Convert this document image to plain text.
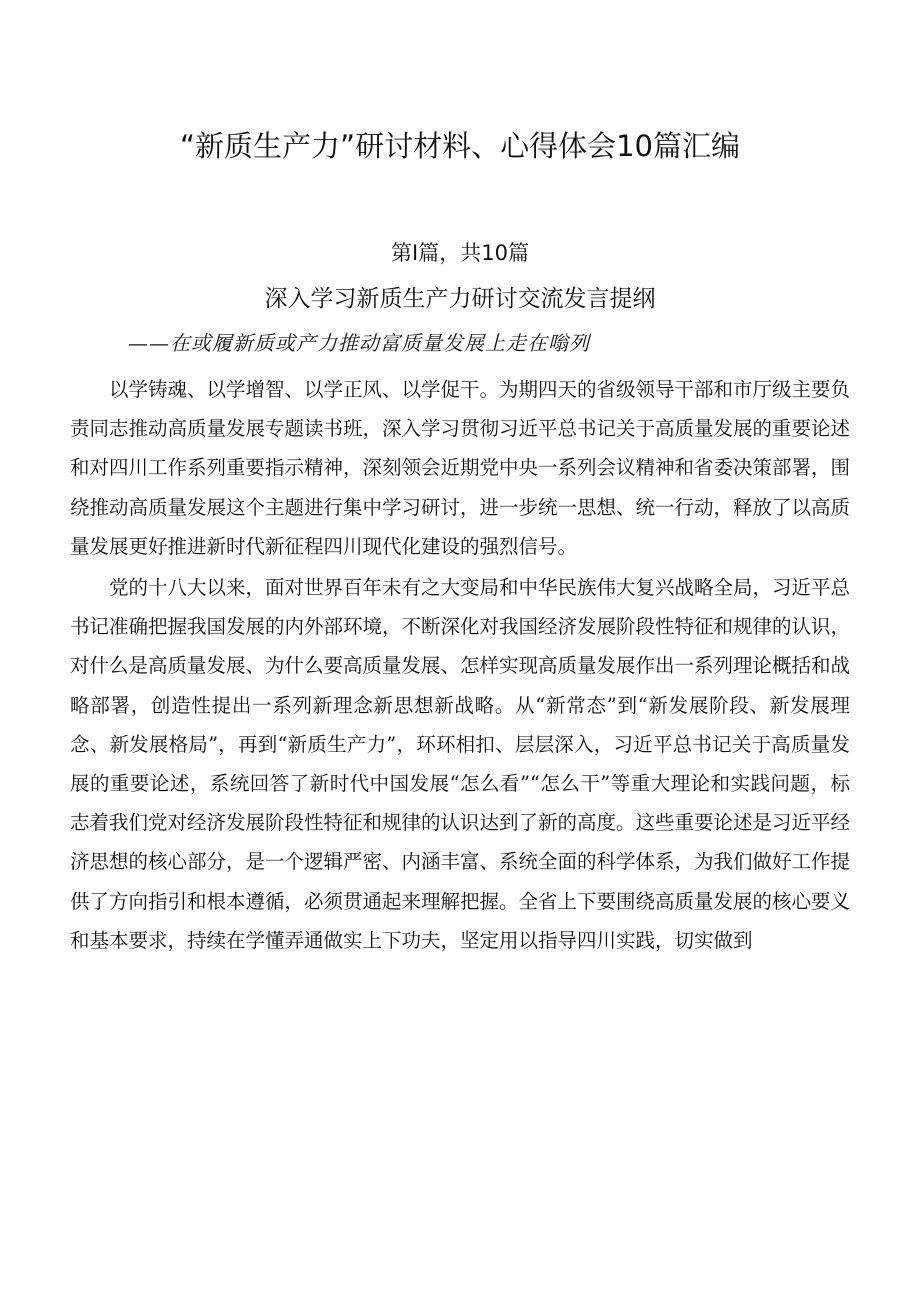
“新质生产力”研讨材料、心得体会10篇汇编
第I篇，共10篇
深入学习新质生产力研讨交流发言提纲
——在或履新质或产力推动富质量发展上走在嗡列

以学铸魂、以学增智、以学正风、以学促干。为期四天的省级领导干部和市厅级主要负责同志推动高质量发展专题读书班，深入学习贯彻习近平总书记关于高质量发展的重要论述和对四川工作系列重要指示精神，深刻领会近期党中央一系列会议精神和省委决策部署，围绕推动高质量发展这个主题进行集中学习研讨，进一步统一思想、统一行动，释放了以高质量发展更好推进新时代新征程四川现代化建设的强烈信号。

党的十八大以来，面对世界百年未有之大变局和中华民族伟大复兴战略全局，习近平总书记准确把握我国发展的内外部环境，不断深化对我国经济发展阶段性特征和规律的认识，对什么是高质量发展、为什么要高质量发展、怎样实现高质量发展作出一系列理论概括和战略部署，创造性提出一系列新理念新思想新战略。从“新常态”到“新发展阶段、新发展理念、新发展格局”，再到“新质生产力”，环环相扣、层层深入，习近平总书记关于高质量发展的重要论述，系统回答了新时代中国发展“怎么看”“怎么干”等重大理论和实践问题，标志着我们党对经济发展阶段性特征和规律的认识达到了新的高度。这些重要论述是习近平经济思想的核心部分，是一个逻辑严密、内涵丰富、系统全面的科学体系，为我们做好工作提供了方向指引和根本遵循，必须贯通起来理解把握。全省上下要围绕高质量发展的核心要义和基本要求，持续在学懂弄通做实上下功夫，坚定用以指导四川实践，切实做到
